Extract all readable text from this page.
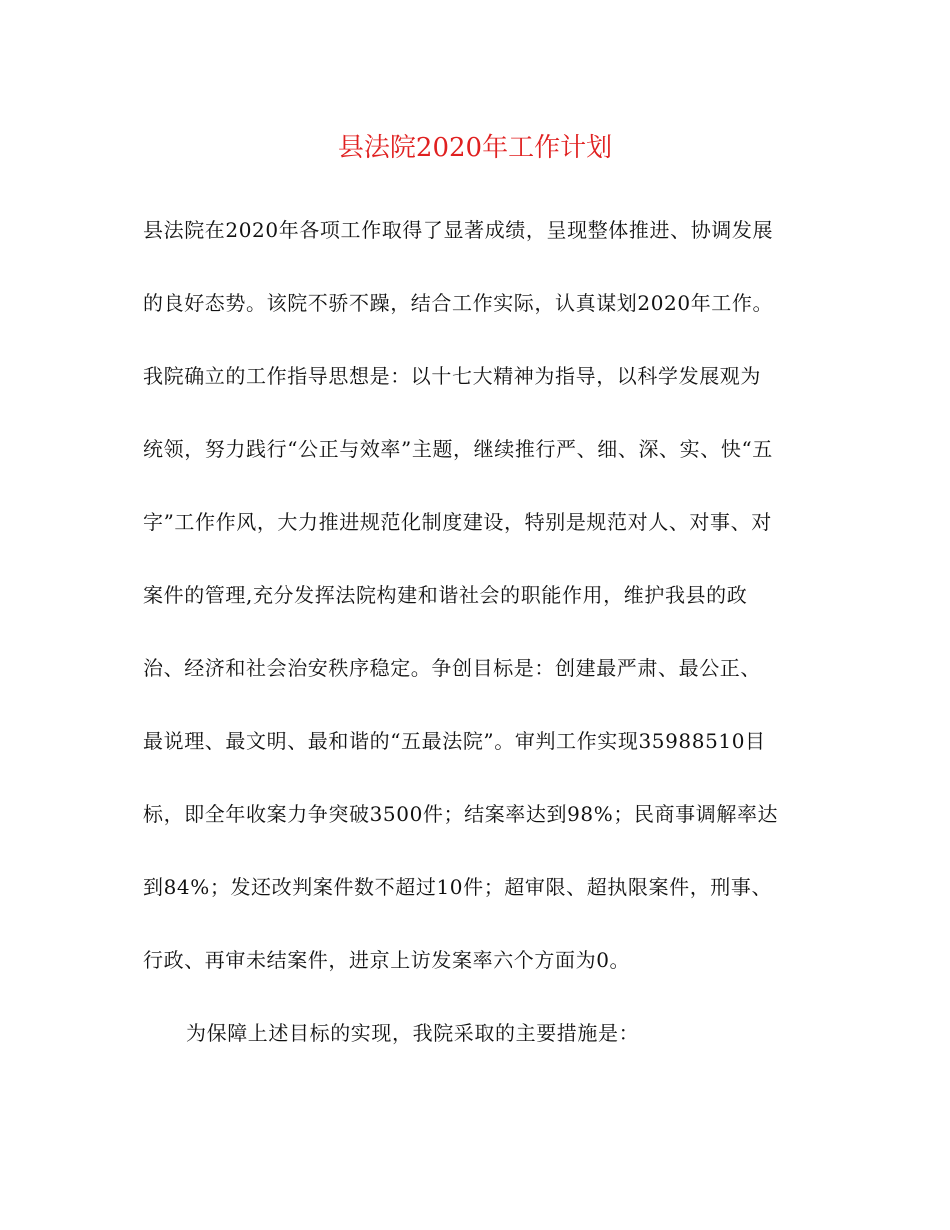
县法院2020年工作计划
县法院在2020年各项工作取得了显著成绩，呈现整体推进、协调发展
的良好态势。该院不骄不躁，结合工作实际，认真谋划2020年工作。
我院确立的工作指导思想是：以十七大精神为指导，以科学发展观为
统领，努力践行“公正与效率”主题，继续推行严、细、深、实、快“五
字”工作作风，大力推进规范化制度建设，特别是规范对人、对事、对
案件的管理,充分发挥法院构建和谐社会的职能作用，维护我县的政
治、经济和社会治安秩序稳定。争创目标是：创建最严肃、最公正、
最说理、最文明、最和谐的“五最法院”。审判工作实现35988510目
标，即全年收案力争突破3500件；结案率达到98%；民商事调解率达
到84%；发还改判案件数不超过10件；超审限、超执限案件，刑事、
行政、再审未结案件，进京上访发案率六个方面为0。
为保障上述目标的实现，我院采取的主要措施是：
